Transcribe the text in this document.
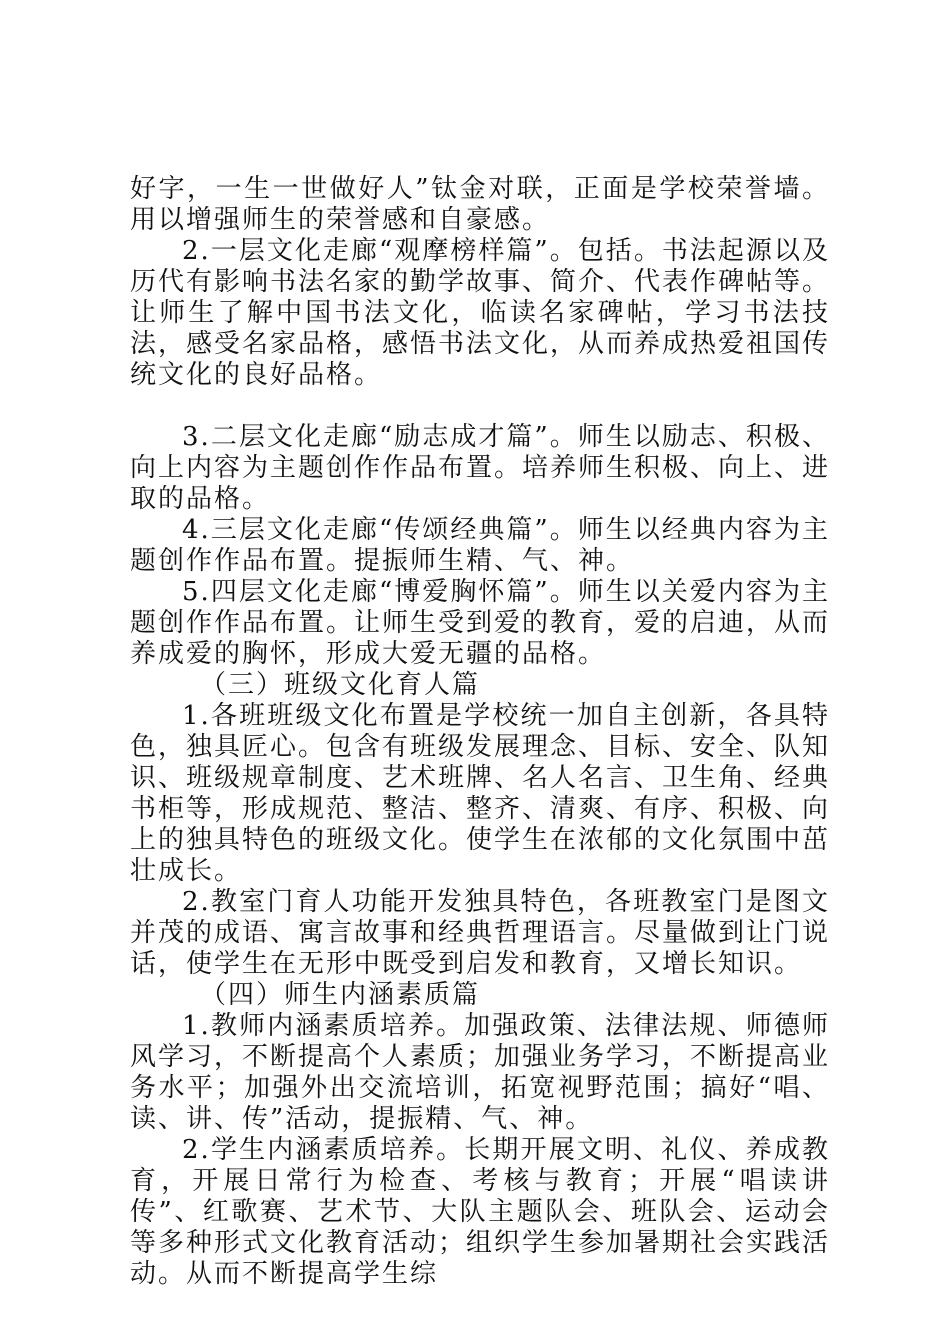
好字，一生一世做好人”钛金对联，正面是学校荣誉墙。用以增强师生的荣誉感和自豪感。

2.一层文化走廊“观摩榜样篇”。包括。书法起源以及历代有影响书法名家的勤学故事、简介、代表作碑帖等。让师生了解中国书法文化，临读名家碑帖，学习书法技法，感受名家品格，感悟书法文化，从而养成热爱祖国传统文化的良好品格。

3.二层文化走廊“励志成才篇”。师生以励志、积极、向上内容为主题创作作品布置。培养师生积极、向上、进取的品格。

4.三层文化走廊“传颂经典篇”。师生以经典内容为主题创作作品布置。提振师生精、气、神。

5.四层文化走廊“博爱胸怀篇”。师生以关爱内容为主题创作作品布置。让师生受到爱的教育，爱的启迪，从而养成爱的胸怀，形成大爱无疆的品格。

（三）班级文化育人篇

1.各班班级文化布置是学校统一加自主创新，各具特色，独具匠心。包含有班级发展理念、目标、安全、队知识、班级规章制度、艺术班牌、名人名言、卫生角、经典书柜等，形成规范、整洁、整齐、清爽、有序、积极、向上的独具特色的班级文化。使学生在浓郁的文化氛围中茁壮成长。

2.教室门育人功能开发独具特色，各班教室门是图文并茂的成语、寓言故事和经典哲理语言。尽量做到让门说话，使学生在无形中既受到启发和教育，又增长知识。

（四）师生内涵素质篇

1.教师内涵素质培养。加强政策、法律法规、师德师风学习，不断提高个人素质；加强业务学习，不断提高业务水平；加强外出交流培训，拓宽视野范围；搞好“唱、读、讲、传”活动，提振精、气、神。

2.学生内涵素质培养。长期开展文明、礼仪、养成教育，开展日常行为检查、考核与教育；开展“唱读讲传”、红歌赛、艺术节、大队主题队会、班队会、运动会等多种形式文化教育活动；组织学生参加暑期社会实践活动。从而不断提高学生综
